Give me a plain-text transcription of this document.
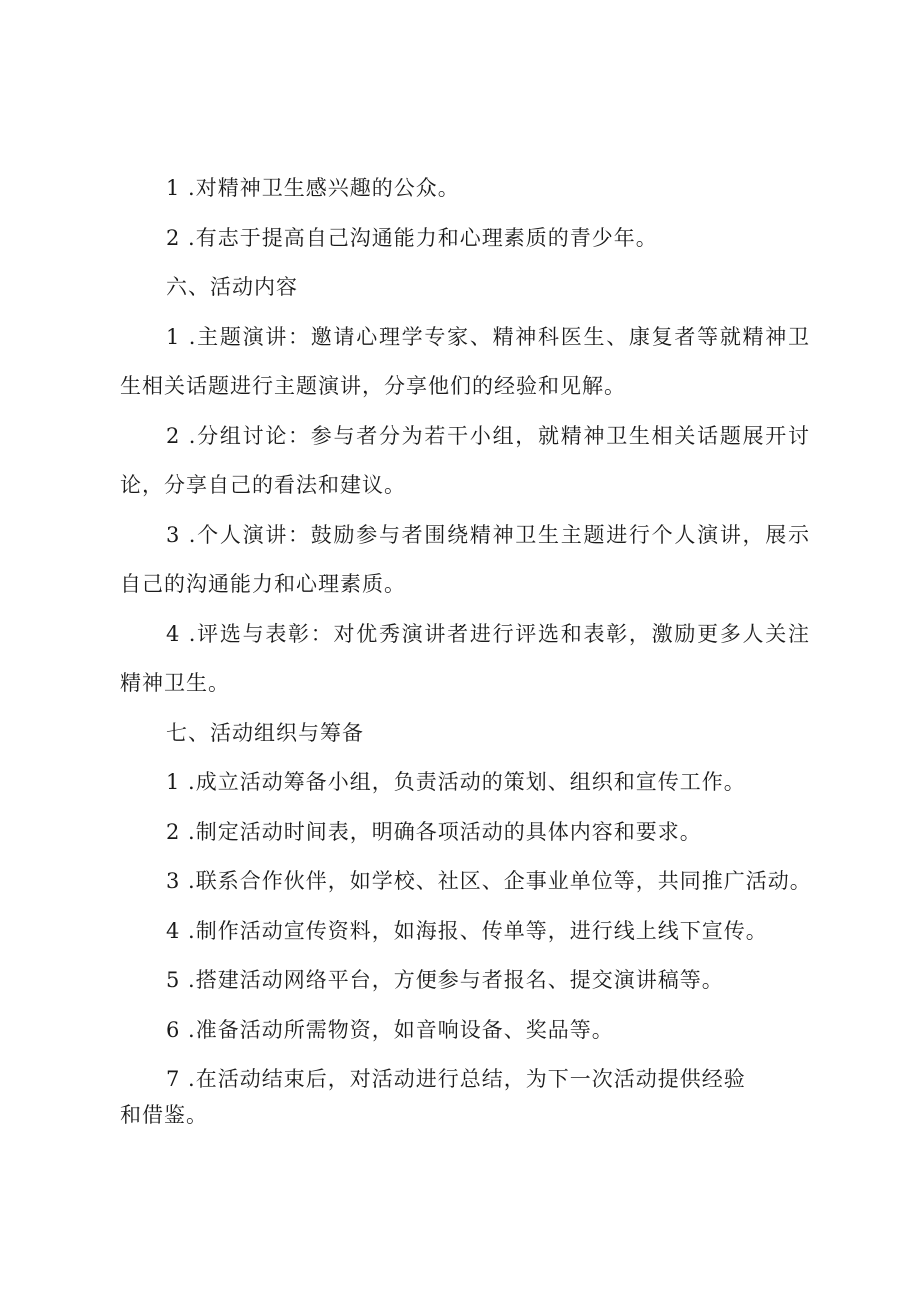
1 .对精神卫生感兴趣的公众。
2 .有志于提高自己沟通能力和心理素质的青少年。
六、活动内容
1 .主题演讲：邀请心理学专家、精神科医生、康复者等就精神卫
生相关话题进行主题演讲，分享他们的经验和见解。
2 .分组讨论：参与者分为若干小组，就精神卫生相关话题展开讨
论，分享自己的看法和建议。
3 .个人演讲：鼓励参与者围绕精神卫生主题进行个人演讲，展示
自己的沟通能力和心理素质。
4 .评选与表彰：对优秀演讲者进行评选和表彰，激励更多人关注
精神卫生。
七、活动组织与筹备
1 .成立活动筹备小组，负责活动的策划、组织和宣传工作。
2 .制定活动时间表，明确各项活动的具体内容和要求。
3 .联系合作伙伴，如学校、社区、企事业单位等，共同推广活动。
4 .制作活动宣传资料，如海报、传单等，进行线上线下宣传。
5 .搭建活动网络平台，方便参与者报名、提交演讲稿等。
6 .准备活动所需物资，如音响设备、奖品等。
7 .在活动结束后，对活动进行总结，为下一次活动提供经验
和借鉴。
